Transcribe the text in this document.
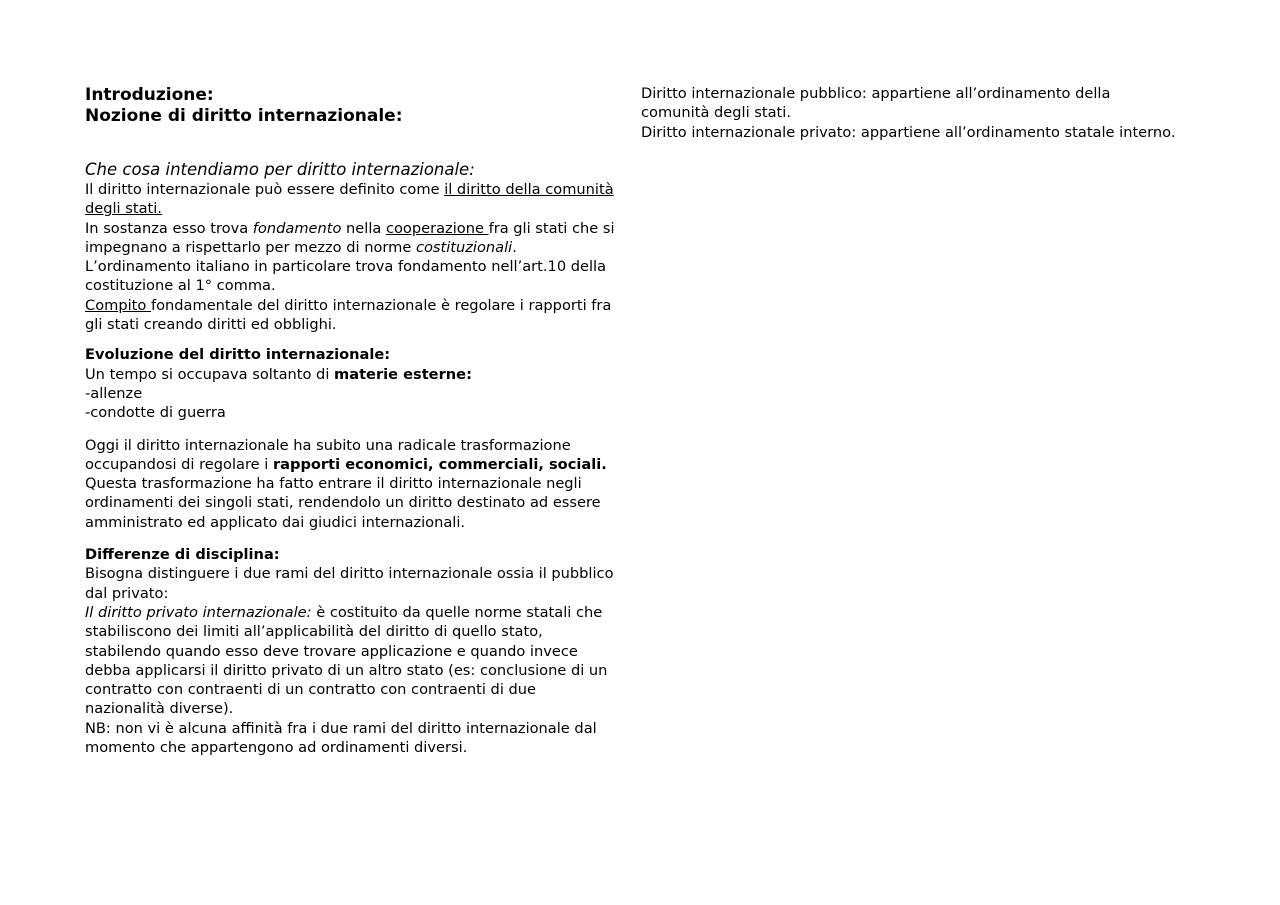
Introduzione:
Nozione di diritto internazionale:
Che cosa intendiamo per diritto internazionale:

Il diritto internazionale può essere definito come il diritto della comunità degli stati.

In sostanza esso trova fondamento nella cooperazione fra gli stati che si impegnano a rispettarlo per mezzo di norme costituzionali.

L’ordinamento italiano in particolare trova fondamento nell’art.10 della costituzione al 1° comma.

Compito fondamentale del diritto internazionale è regolare i rapporti fra gli stati creando diritti ed obblighi.

Evoluzione del diritto internazionale:

Un tempo si occupava soltanto di materie esterne:

-allenze

-condotte di guerra

Oggi il diritto internazionale ha subito una radicale trasformazione occupandosi di regolare i rapporti economici, commerciali, sociali.

Questa trasformazione ha fatto entrare il diritto internazionale negli ordinamenti dei singoli stati, rendendolo un diritto destinato ad essere amministrato ed applicato dai giudici internazionali.

Differenze di disciplina:

Bisogna distinguere i due rami del diritto internazionale ossia il pubblico dal privato:

Il diritto privato internazionale: è costituito da quelle norme statali che stabiliscono dei limiti all’applicabilità del diritto di quello stato, stabilendo quando esso deve trovare applicazione e quando invece debba applicarsi il diritto privato di un altro stato (es: conclusione di un contratto con contraenti di un contratto con contraenti di due nazionalità diverse).

NB: non vi è alcuna affinità fra i due rami del diritto internazionale dal momento che appartengono ad ordinamenti diversi.

Diritto internazionale pubblico: appartiene all’ordinamento della comunità degli stati.

Diritto internazionale privato: appartiene all’ordinamento statale interno.
